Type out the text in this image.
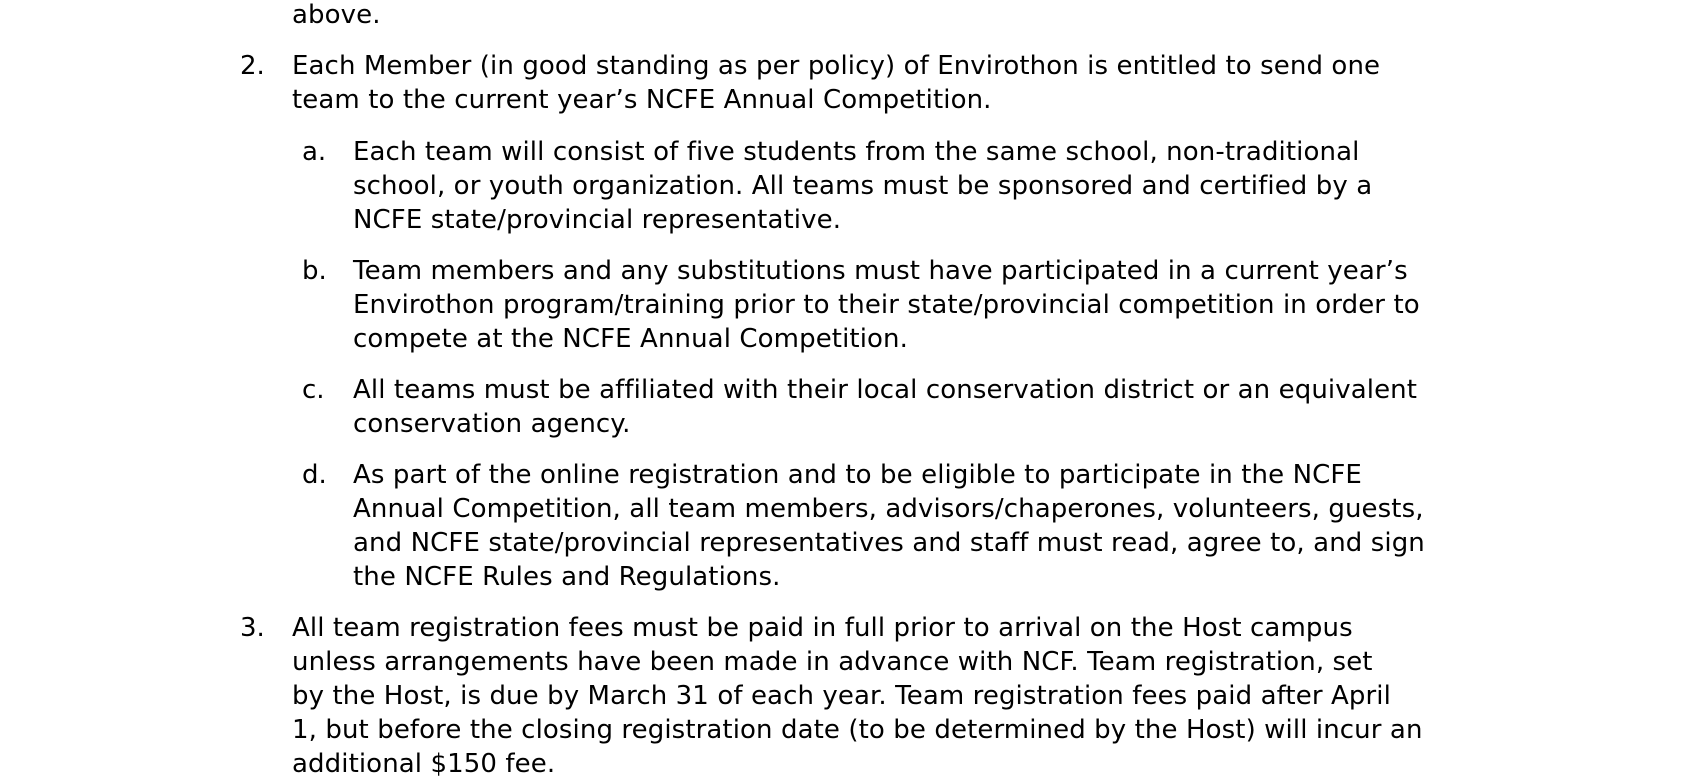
above.
2. Each Member (in good standing as per policy) of Envirothon is entitled to send one
team to the current year’s NCFE Annual Competition.
a. Each team will consist of five students from the same school, non-traditional
school, or youth organization. All teams must be sponsored and certified by a
NCFE state/provincial representative.
b. Team members and any substitutions must have participated in a current year’s
Envirothon program/training prior to their state/provincial competition in order to
compete at the NCFE Annual Competition.
c. All teams must be affiliated with their local conservation district or an equivalent
conservation agency.
d. As part of the online registration and to be eligible to participate in the NCFE
Annual Competition, all team members, advisors/chaperones, volunteers, guests,
and NCFE state/provincial representatives and staff must read, agree to, and sign
the NCFE Rules and Regulations.
3. All team registration fees must be paid in full prior to arrival on the Host campus
unless arrangements have been made in advance with NCF. Team registration, set
by the Host, is due by March 31 of each year. Team registration fees paid after April
1, but before the closing registration date (to be determined by the Host) will incur an
additional $150 fee.
